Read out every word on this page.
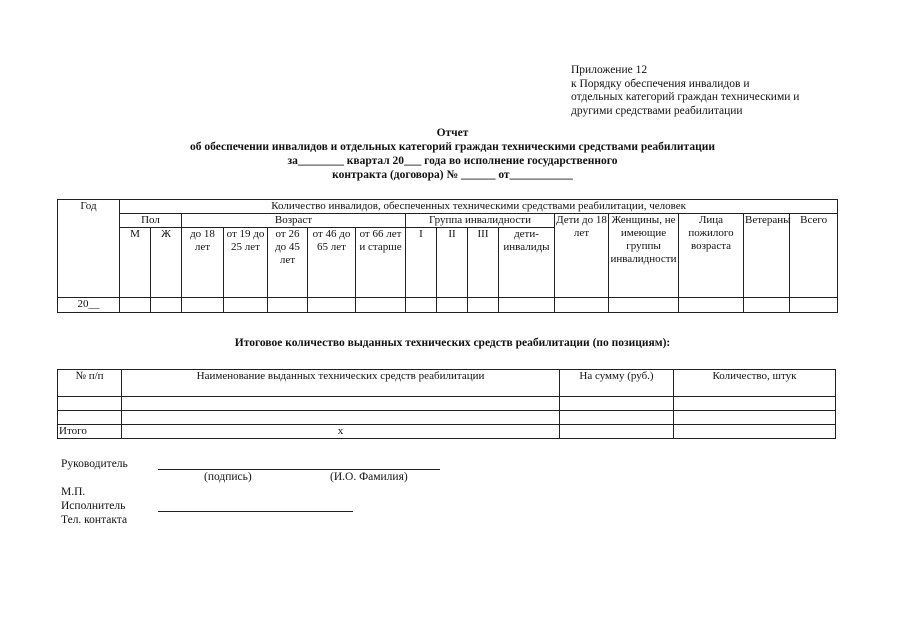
Приложение 12
к Порядку обеспечения инвалидов и
отдельных категорий граждан техническими и
другими средствами реабилитации
Отчет
об обеспечении инвалидов и отдельных категорий граждан техническими средствами реабилитации
за________ квартал 20___ года во исполнение государственного
контракта (договора) № ______ от___________
Год	Количество инвалидов, обеспеченных техническими средствами реабилитации, человек															
	Пол		Возраст					Группа инвалидности				Дети до 18 лет	Женщины, не имеющие группы инвалидности	Лица пожилого возраста	Ветераны	Всего
	М	Ж	до 18 лет	от 19 до 25 лет	от 26 до 45 лет	от 46 до 65 лет	от 66 лет и старше	I	II	III	дети-инвалиды					
20__																
Итоговое количество выданных технических средств реабилитации (по позициям):
№ п/п	Наименование выданных технических средств реабилитации	На сумму (руб.)	Количество, штук

Итого	х		
Руководитель
(подпись)	(И.О. Фамилия)
М.П.
Исполнитель
Тел. контакта
